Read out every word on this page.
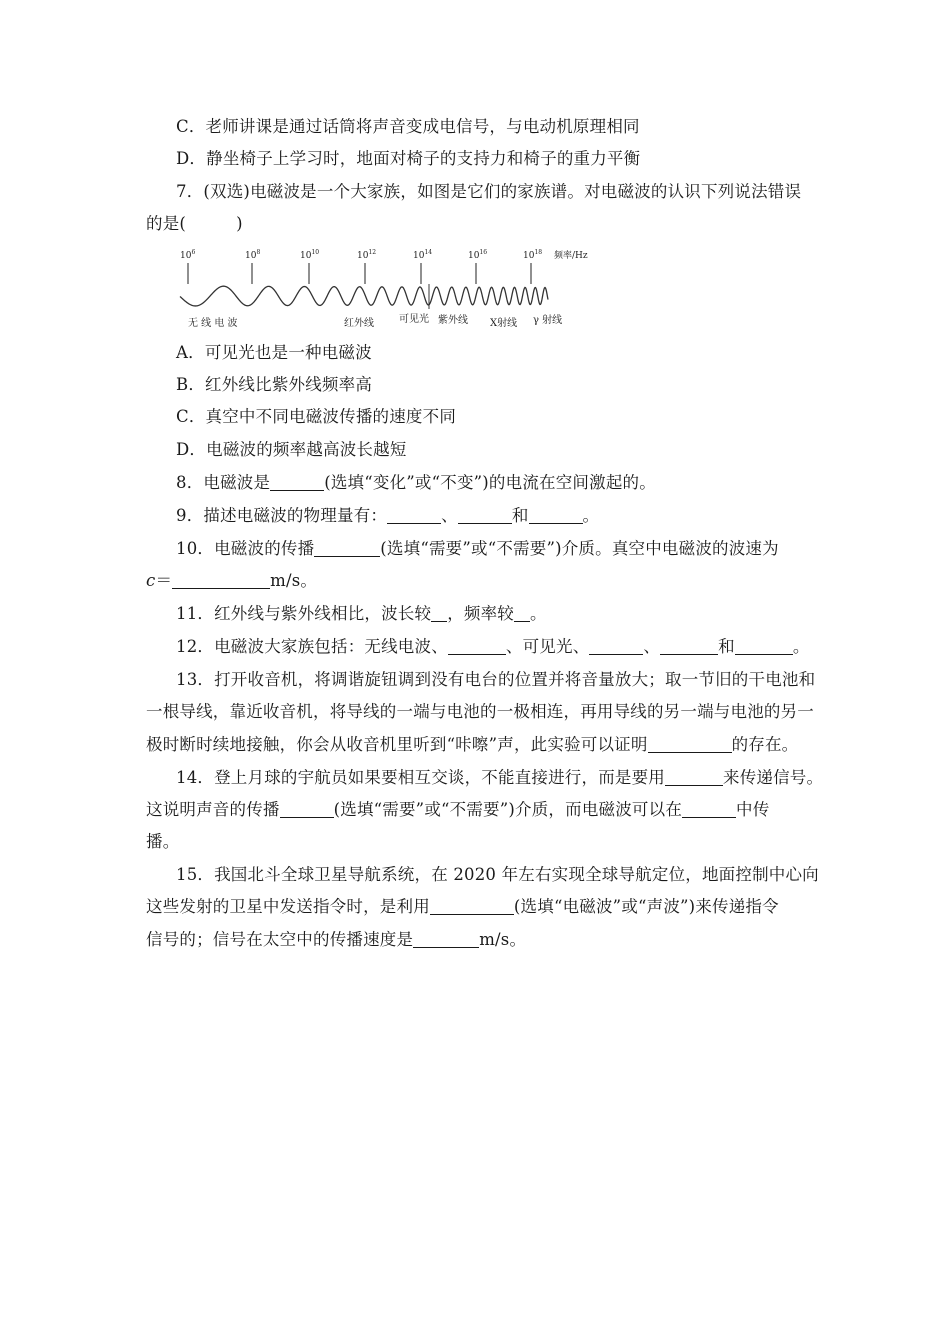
C．老师讲课是通过话筒将声音变成电信号，与电动机原理相同
D．静坐椅子上学习时，地面对椅子的支持力和椅子的重力平衡
7．(双选)电磁波是一个大家族，如图是它们的家族谱。对电磁波的认识下列说法错误
的是(　　　)
$10^6$	$10^8$	$10^{10}$	$10^{12}$	$10^{14}$	$10^{16}$	$10^{18}$ 频率/Hz
无 线 电 波	红外线	可见光 紫外线 X射线 γ 射线
A．可见光也是一种电磁波
B．红外线比紫外线频率高
C．真空中不同电磁波传播的速度不同
D．电磁波的频率越高波长越短
8．电磁波是	(选填“变化”或“不变”)的电流在空间激起的。
9．描述电磁波的物理量有：	、	和	。
10．电磁波的传播	(选填“需要”或“不需要”)介质。真空中电磁波的波速为
c＝	m/s。
11．红外线与紫外线相比，波长较 ，频率较 。
12．电磁波大家族包括：无线电波、	、可见光、	、	和	。
13．打开收音机，将调谐旋钮调到没有电台的位置并将音量放大；取一节旧的干电池和
一根导线，靠近收音机，将导线的一端与电池的一极相连，再用导线的另一端与电池的另一
极时断时续地接触，你会从收音机里听到“咔嚓”声，此实验可以证明	的存在。
14．登上月球的宇航员如果要相互交谈，不能直接进行，而是要用	来传递信号。
这说明声音的传播	(选填“需要”或“不需要”)介质，而电磁波可以在	中传
播。
15．我国北斗全球卫星导航系统，在 2020 年左右实现全球导航定位，地面控制中心向
这些发射的卫星中发送指令时，是利用	(选填“电磁波”或“声波”)来传递指令
信号的；信号在太空中的传播速度是	m/s。
